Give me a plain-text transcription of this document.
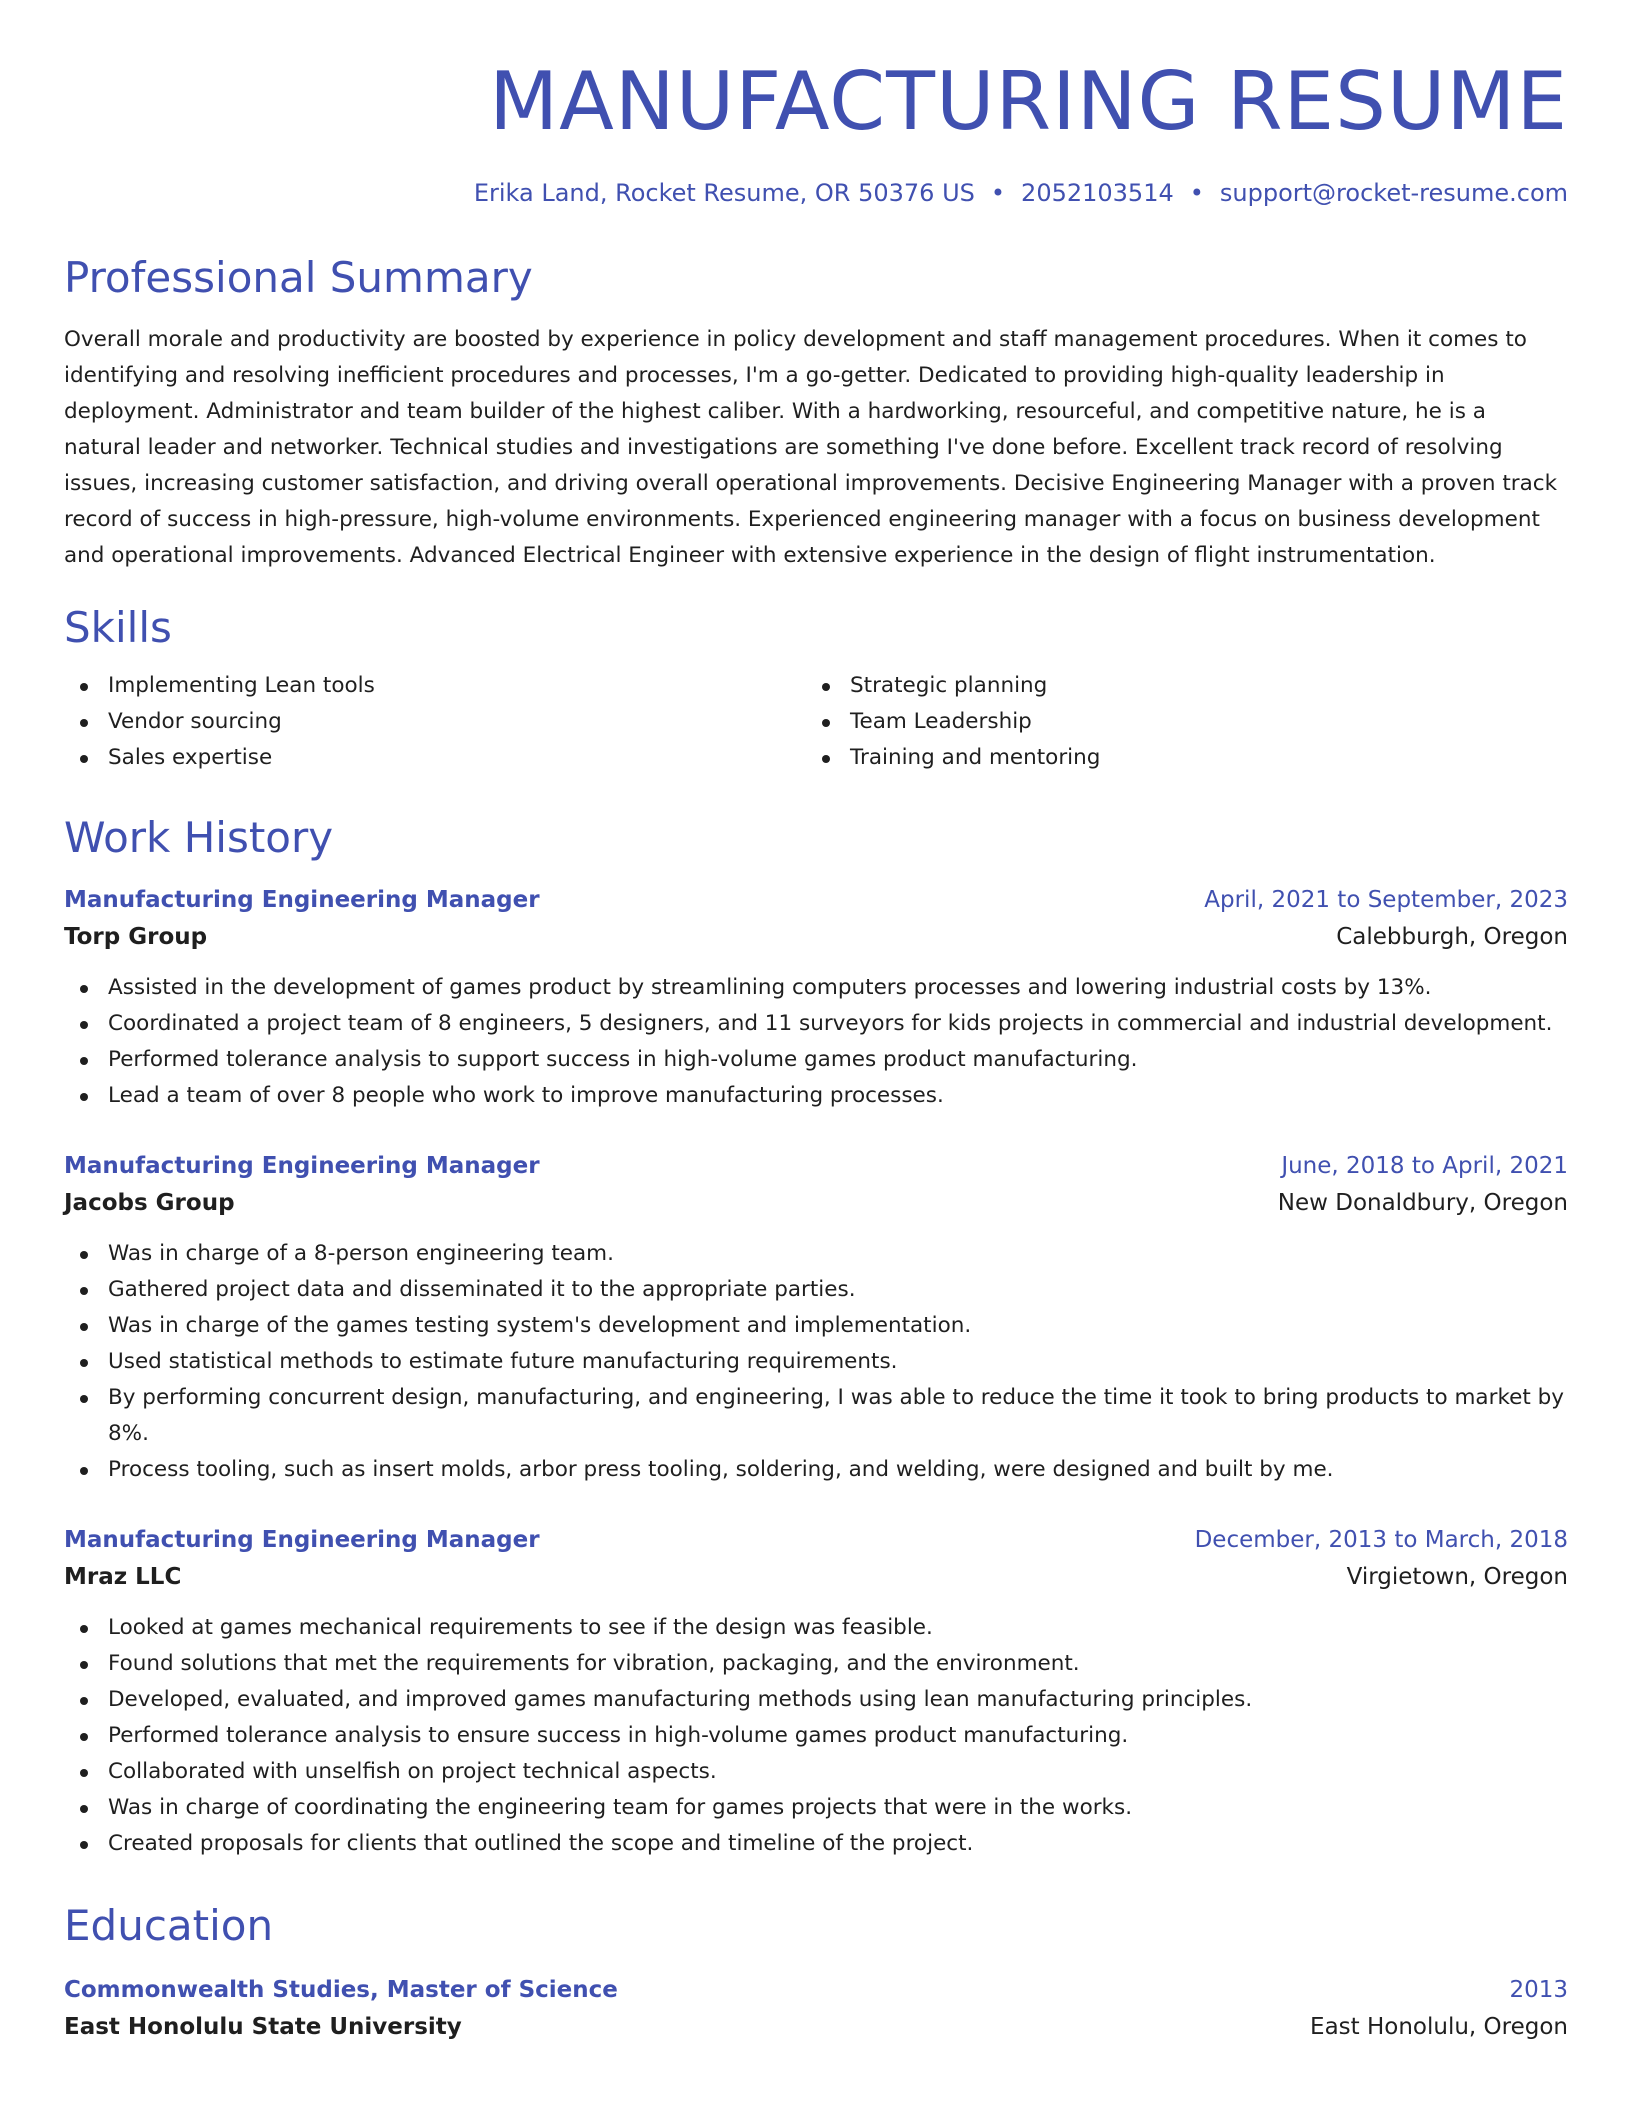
MANUFACTURING RESUME
Erika Land, Rocket Resume, OR 50376 US • 2052103514 • support@rocket-resume.com
Professional Summary

Overall morale and productivity are boosted by experience in policy development and staff management procedures. When it comes to identifying and resolving inefficient procedures and processes, I'm a go-getter. Dedicated to providing high-quality leadership in deployment. Administrator and team builder of the highest caliber. With a hardworking, resourceful, and competitive nature, he is a natural leader and networker. Technical studies and investigations are something I've done before. Excellent track record of resolving issues, increasing customer satisfaction, and driving overall operational improvements. Decisive Engineering Manager with a proven track record of success in high-pressure, high-volume environments. Experienced engineering manager with a focus on business development and operational improvements. Advanced Electrical Engineer with extensive experience in the design of flight instrumentation.

Skills
Implementing Lean tools
Vendor sourcing
Sales expertise
Strategic planning
Team Leadership
Training and mentoring
Work History
Manufacturing Engineering Manager	April, 2021 to September, 2023
Torp Group	Calebburgh, Oregon
Assisted in the development of games product by streamlining computers processes and lowering industrial costs by 13%.
Coordinated a project team of 8 engineers, 5 designers, and 11 surveyors for kids projects in commercial and industrial development.
Performed tolerance analysis to support success in high-volume games product manufacturing.
Lead a team of over 8 people who work to improve manufacturing processes.
Manufacturing Engineering Manager	June, 2018 to April, 2021
Jacobs Group	New Donaldbury, Oregon
Was in charge of a 8-person engineering team.
Gathered project data and disseminated it to the appropriate parties.
Was in charge of the games testing system's development and implementation.
Used statistical methods to estimate future manufacturing requirements.
By performing concurrent design, manufacturing, and engineering, I was able to reduce the time it took to bring products to market by 8%.
Process tooling, such as insert molds, arbor press tooling, soldering, and welding, were designed and built by me.
Manufacturing Engineering Manager	December, 2013 to March, 2018
Mraz LLC	Virgietown, Oregon
Looked at games mechanical requirements to see if the design was feasible.
Found solutions that met the requirements for vibration, packaging, and the environment.
Developed, evaluated, and improved games manufacturing methods using lean manufacturing principles.
Performed tolerance analysis to ensure success in high-volume games product manufacturing.
Collaborated with unselfish on project technical aspects.
Was in charge of coordinating the engineering team for games projects that were in the works.
Created proposals for clients that outlined the scope and timeline of the project.
Education
Commonwealth Studies, Master of Science	2013
East Honolulu State University	East Honolulu, Oregon
